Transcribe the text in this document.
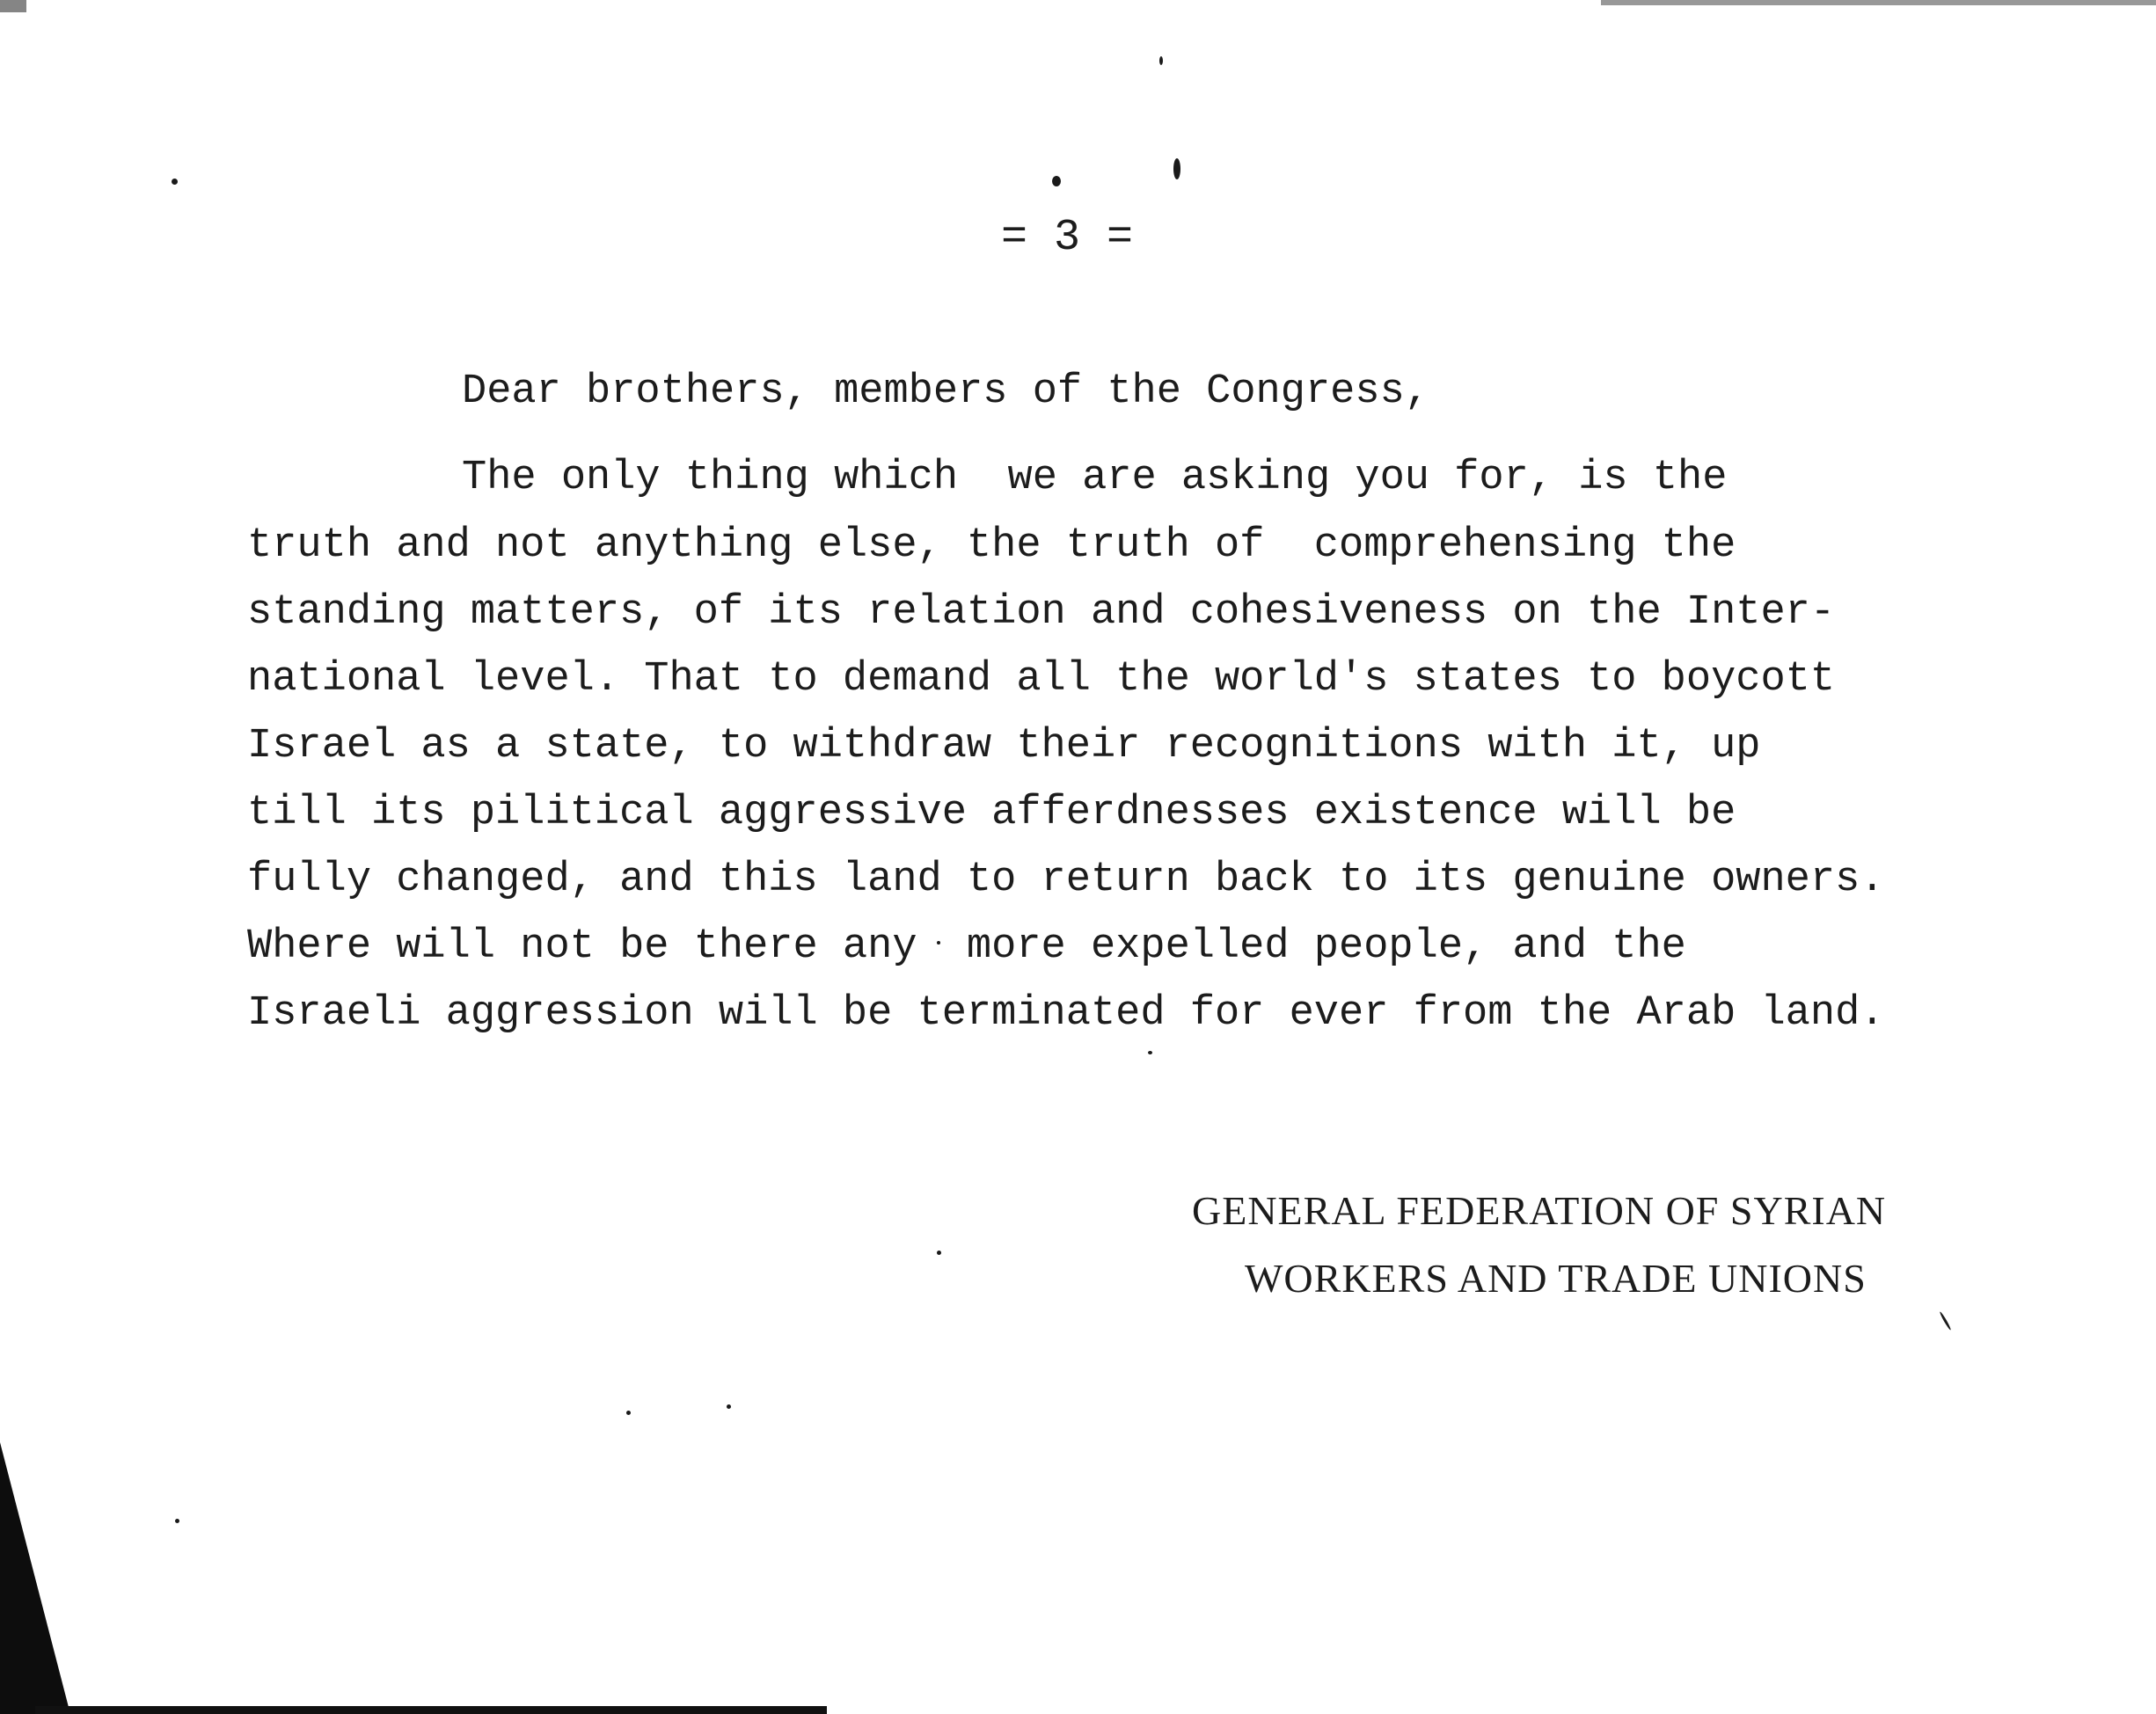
= 3 =
Dear brothers, members of the Congress,
The only thing which  we are asking you for, is the
truth and not anything else, the truth of  comprehensing the
standing matters, of its relation and cohesiveness on the Inter-
national level. That to demand all the world's states to boycott
Israel as a state, to withdraw their recognitions with it, up
till its pilitical aggressive afferdnesses existence will be
fully changed, and this land to return back to its genuine owners.
Where will not be there any  more expelled people, and the
Israeli aggression will be terminated for ever from the Arab land.
GENERAL FEDERATION OF SYRIAN
WORKERS AND TRADE UNIONS
